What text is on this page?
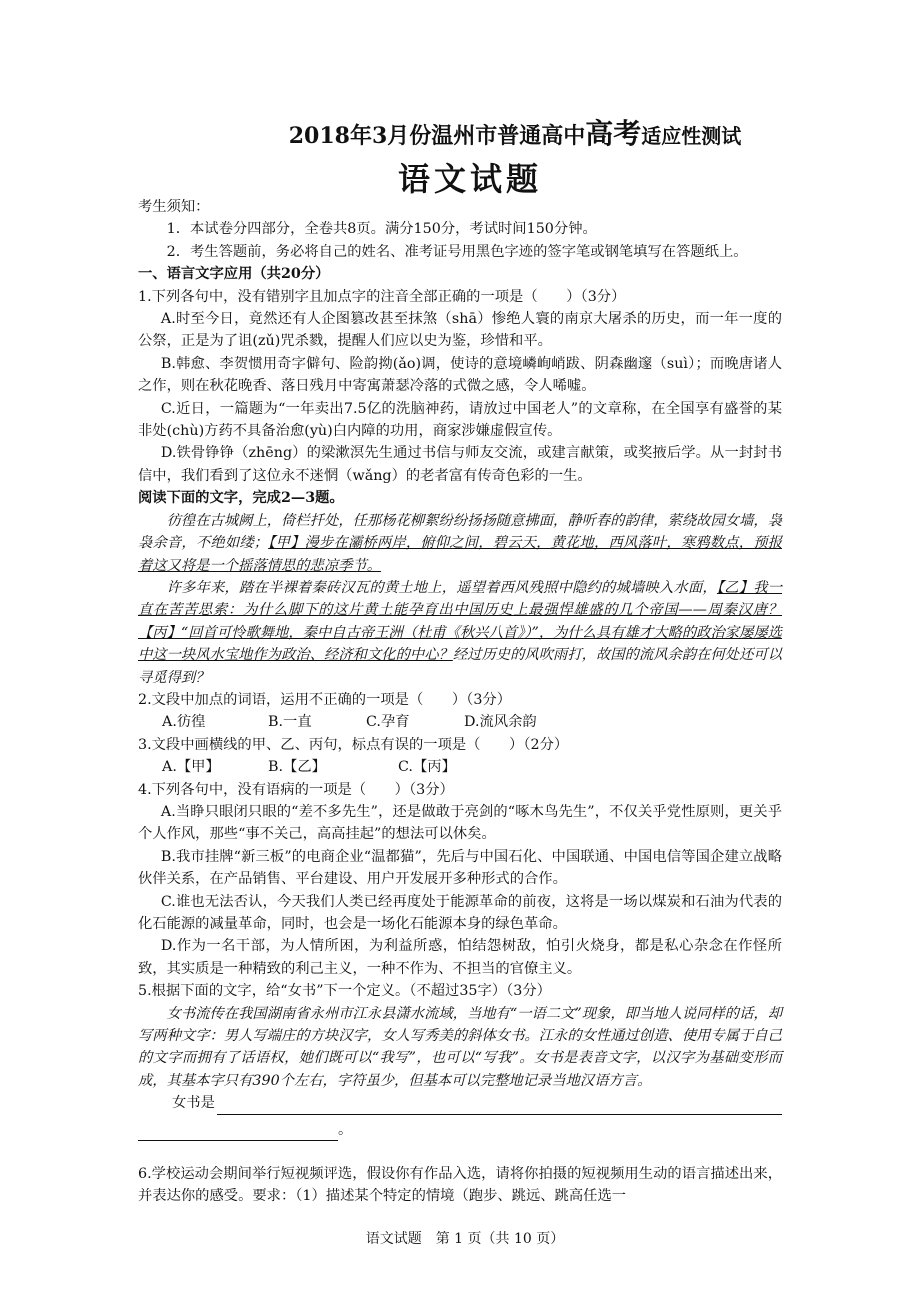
2018年3月份温州市普通高中高考适应性测试
语文试题

考生须知：

1．本试卷分四部分，全卷共8页。满分150分，考试时间150分钟。

2．考生答题前，务必将自己的姓名、准考证号用黑色字迹的签字笔或钢笔填写在答题纸上。

一、语言文字应用（共20分）

1.下列各句中，没有错别字且加点字的注音全部正确的一项是（　　）（3分）

A.时至今日，竟然还有人企图篡改甚至抹煞（shā）惨绝人寰的南京大屠杀的历史，而一年一度的公祭，正是为了诅(zǔ)咒杀戮，提醒人们应以史为鉴，珍惜和平。

B.韩愈、李贺惯用奇字僻句、险韵拗(ǎo)调，使诗的意境嶙峋峭跋、阴森幽邃（suì）；而晚唐诸人之作，则在秋花晚香、落日残月中寄寓萧瑟冷落的式微之感，令人唏嘘。

C.近日，一篇题为“一年卖出7.5亿的洗脑神药，请放过中国老人”的文章称，在全国享有盛誉的某非处(chù)方药不具备治愈(yù)白内障的功用，商家涉嫌虚假宣传。

D.铁骨铮铮（zhēng）的梁漱溟先生通过书信与师友交流，或建言献策，或奖掖后学。从一封封书信中，我们看到了这位永不迷惘（wǎng）的老者富有传奇色彩的一生。

阅读下面的文字，完成2—3题。

彷徨在古城阙上，倚栏扦处，任那杨花柳絮纷纷扬扬随意拂面，静听春的韵律，萦绕故园女墙，袅袅余音，不绝如缕；【甲】漫步在灞桥两岸，俯仰之间，碧云天，黄花地，西风落叶，寒鸦数点，预报着这又将是一个摇落情思的悲凉季节。

许多年来，踏在半裸着秦砖汉瓦的黄土地上，遥望着西风残照中隐约的城墙映入水面，【乙】我一直在苦苦思索：为什么脚下的这片黄土能孕育出中国历史上最强悍雄盛的几个帝国——周秦汉唐？【丙】“回首可怜歌舞地，秦中自古帝王洲（杜甫《秋兴八首》）”，为什么具有雄才大略的政治家屡屡选中这一块风水宝地作为政治、经济和文化的中心？经过历史的风吹雨打，故国的流风余韵在何处还可以寻觅得到？

2.文段中加点的词语，运用不正确的一项是（　　）（3分）

A.彷徨	B.一直	C.孕育	D.流风余韵

3.文段中画横线的甲、乙、丙句，标点有误的一项是（　　）（2分）

A.【甲】	B.【乙】	C.【丙】

4.下列各句中，没有语病的一项是（　　）（3分）

A.当睁只眼闭只眼的“差不多先生”，还是做敢于亮剑的“啄木鸟先生”，不仅关乎党性原则，更关乎个人作风，那些“事不关己，高高挂起”的想法可以休矣。

B.我市挂牌“新三板”的电商企业“温都猫”，先后与中国石化、中国联通、中国电信等国企建立战略伙伴关系，在产品销售、平台建设、用户开发展开多种形式的合作。

C.谁也无法否认，今天我们人类已经再度处于能源革命的前夜，这将是一场以煤炭和石油为代表的化石能源的减量革命，同时，也会是一场化石能源本身的绿色革命。

D.作为一名干部，为人情所困，为利益所惑，怕结怨树敌，怕引火烧身，都是私心杂念在作怪所致，其实质是一种精致的利己主义，一种不作为、不担当的官僚主义。

5.根据下面的文字，给“女书”下一个定义。（不超过35字）（3分）

女书流传在我国湖南省永州市江永县潇水流域，当地有“一语二文”现象，即当地人说同样的话，却写两种文字：男人写端庄的方块汉字，女人写秀美的斜体女书。江永的女性通过创造、使用专属于自己的文字而拥有了话语权，她们既可以“我写”，也可以“写我”。女书是表音文字，以汉字为基础变形而成，其基本字只有390个左右，字符虽少，但基本可以完整地记录当地汉语方言。

女书是

。

6.学校运动会期间举行短视频评选，假设你有作品入选，请将你拍摄的短视频用生动的语言描述出来，并表达你的感受。要求：（1）描述某个特定的情境（跑步、跳远、跳高任选一

语文试题　第 1 页（共 10 页）
